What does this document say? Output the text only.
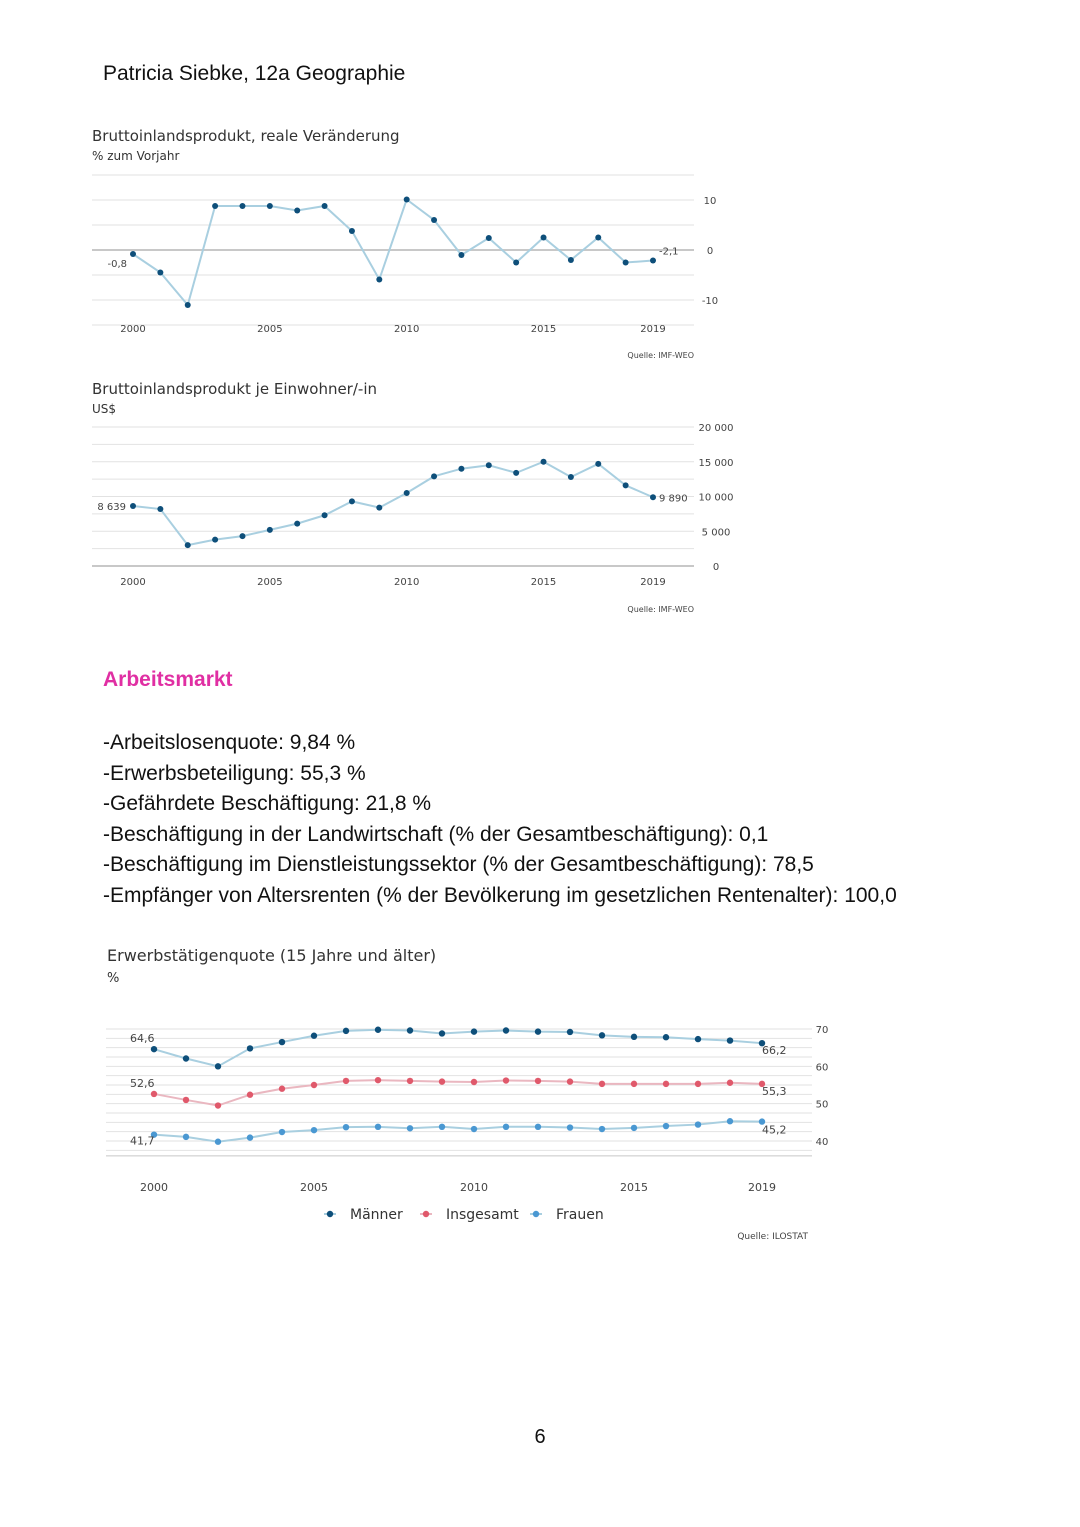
Patricia Siebke, 12a Geographie
Bruttoinlandsprodukt, reale Veränderung
% zum Vorjahr
10
0
-10
2000	2005	2010	2015	2019
-0,8
-2,1
Quelle: IMF-WEO
Bruttoinlandsprodukt je Einwohner/-in
US$
20 000
15 000
10 000
5 000
0
2000	2005	2010	2015	2019
8 639
9 890
Quelle: IMF-WEO
Arbeitsmarkt
-Arbeitslosenquote: 9,84 %
-Erwerbsbeteiligung: 55,3 %
-Gefährdete Beschäftigung: 21,8 %
-Beschäftigung in der Landwirtschaft (% der Gesamtbeschäftigung): 0,1
-Beschäftigung im Dienstleistungssektor (% der Gesamtbeschäftigung): 78,5
-Empfänger von Altersrenten (% der Bevölkerung im gesetzlichen Rentenalter): 100,0
Erwerbstätigenquote (15 Jahre und älter)
%
70
60
50
40
2000	2005	2010	2015	2019
64,6
66,2
52,6
55,3
41,7
45,2
Männer	Insgesamt	Frauen
Quelle: ILOSTAT
6
